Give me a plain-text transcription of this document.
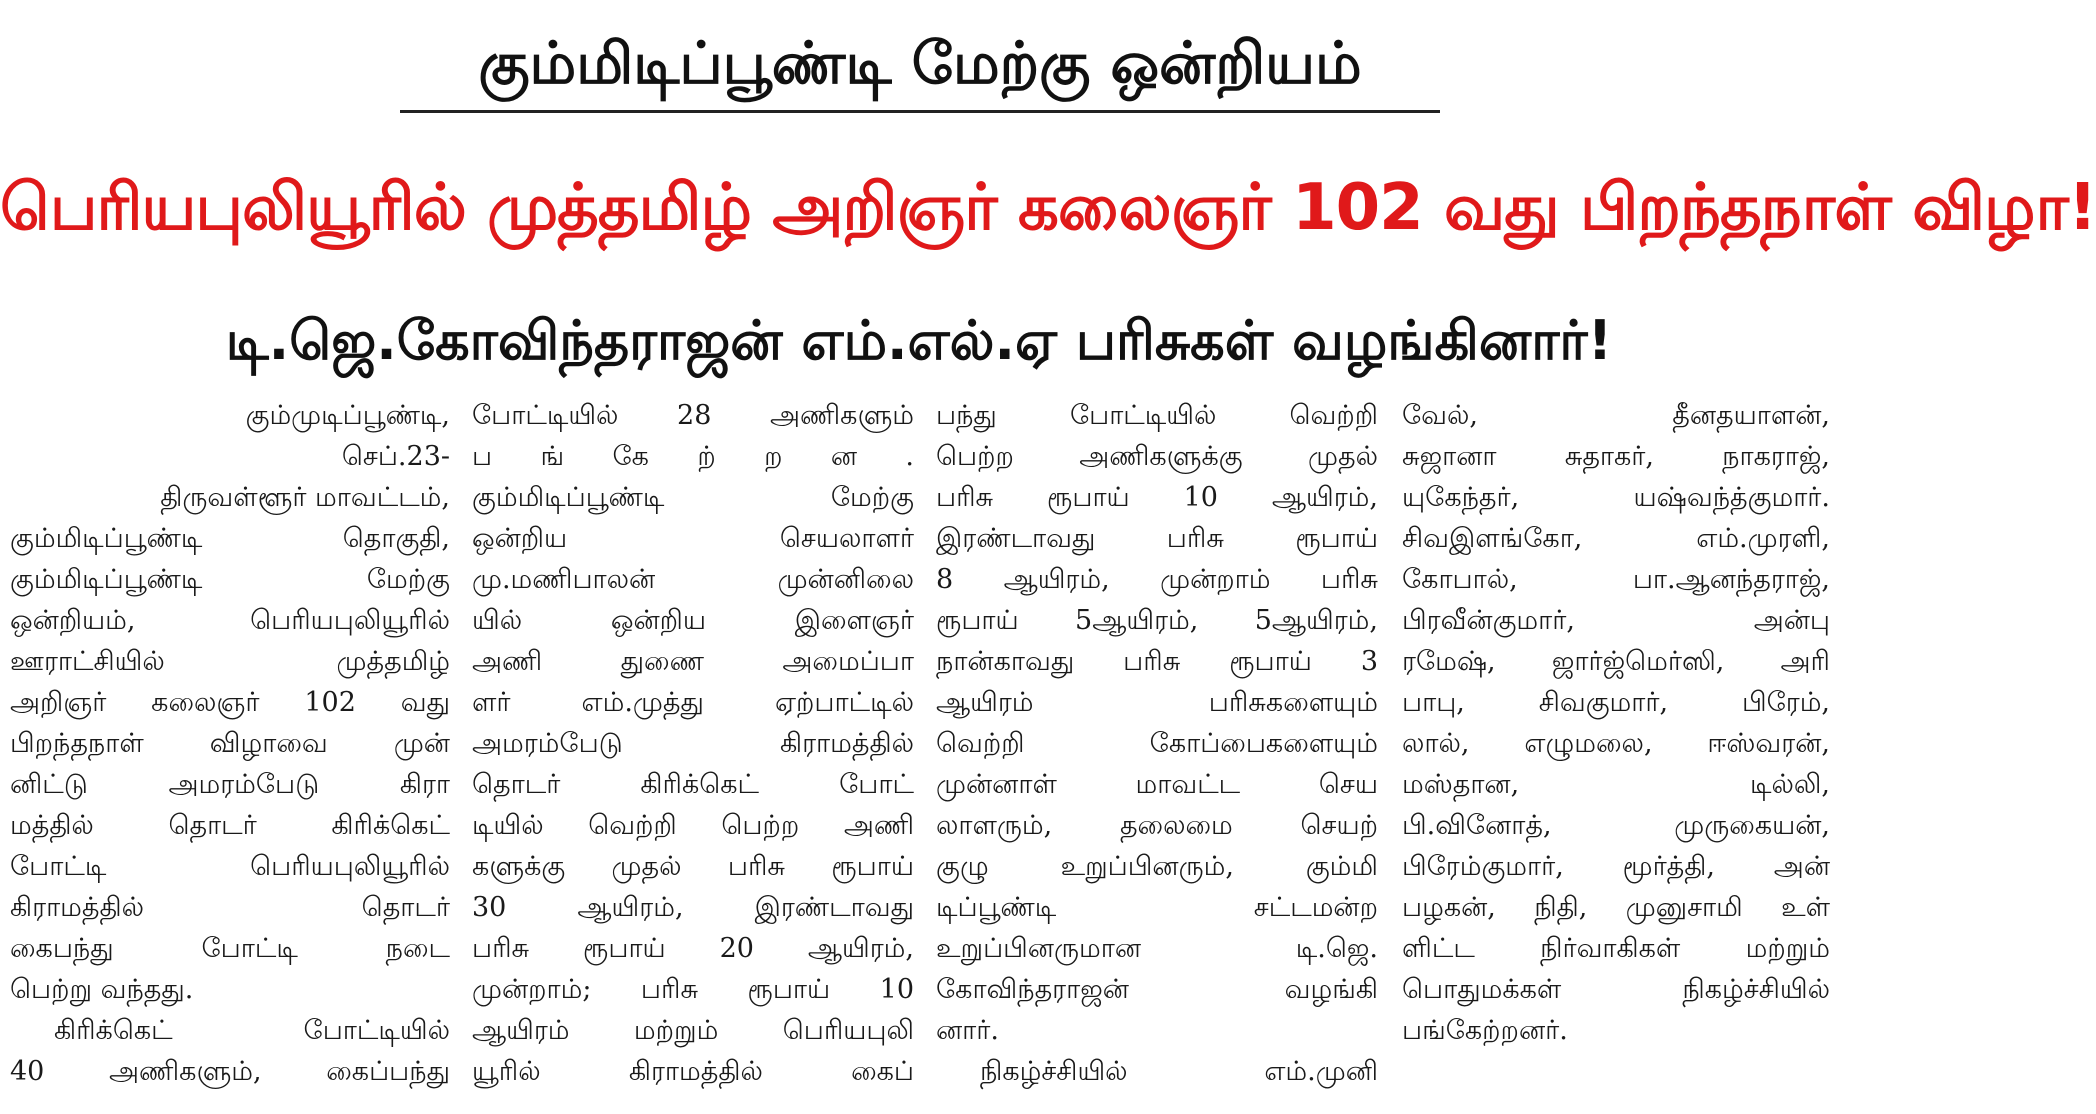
கும்மிடிப்பூண்டி மேற்கு ஒன்றியம்
பெரியபுலியூரில் முத்தமிழ் அறிஞர் கலைஞர் 102 வது பிறந்தநாள் விழா!
டி.ஜெ.கோவிந்தராஜன் எம்.எல்.ஏ பரிசுகள் வழங்கினார்!
கும்முடிப்பூண்டி,
செப்.23-
திருவள்ளூர் மாவட்டம்,
கும்மிடிப்பூண்டி தொகுதி,
கும்மிடிப்பூண்டி மேற்கு
ஒன்றியம், பெரியபுலியூரில்
ஊராட்சியில் முத்தமிழ்
அறிஞர் கலைஞர் 102 வது
பிறந்தநாள் விழாவை முன்
னிட்டு அமரம்பேடு கிரா
மத்தில் தொடர் கிரிக்கெட்
போட்டி பெரியபுலியூரில்
கிராமத்தில் தொடர்
கைபந்து போட்டி நடை
பெற்று வந்தது.
கிரிக்கெட் போட்டியில்
40 அணிகளும், கைப்பந்து
போட்டியில் 28 அணிகளும்
ப ங் கே ற் ற ன .
கும்மிடிப்பூண்டி மேற்கு
ஒன்றிய செயலாளர்
மு.மணிபாலன் முன்னிலை
யில் ஒன்றிய இளைஞர்
அணி துணை அமைப்பா
ளர் எம்.முத்து ஏற்பாட்டில்
அமரம்பேடு கிராமத்தில்
தொடர் கிரிக்கெட் போட்
டியில் வெற்றி பெற்ற அணி
களுக்கு முதல் பரிசு ரூபாய்
30 ஆயிரம், இரண்டாவது
பரிசு ரூபாய் 20 ஆயிரம்,
முன்றாம்; பரிசு ரூபாய் 10
ஆயிரம் மற்றும் பெரியபுலி
யூரில் கிராமத்தில் கைப்
பந்து போட்டியில் வெற்றி
பெற்ற அணிகளுக்கு முதல்
பரிசு ரூபாய் 10 ஆயிரம்,
இரண்டாவது பரிசு ரூபாய்
8 ஆயிரம், முன்றாம் பரிசு
ரூபாய் 5ஆயிரம், 5ஆயிரம்,
நான்காவது பரிசு ரூபாய் 3
ஆயிரம் பரிசுகளையும்
வெற்றி கோப்பைகளையும்
முன்னாள் மாவட்ட செய
லாளரும், தலைமை செயற்
குழு உறுப்பினரும், கும்மி
டிப்பூண்டி சட்டமன்ற
உறுப்பினருமான டி.ஜெ.
கோவிந்தராஜன் வழங்கி
னார்.
நிகழ்ச்சியில் எம்.முனி
வேல், தீனதயாளன்,
சுஜானா சுதாகர், நாகராஜ்,
யுகேந்தர், யஷ்வந்த்குமார்.
சிவஇளங்கோ, எம்.முரளி,
கோபால், பா.ஆனந்தராஜ்,
பிரவீன்குமார், அன்பு
ரமேஷ், ஜார்ஜ்மெர்ஸி, அரி
பாபு, சிவகுமார், பிரேம்,
லால், எழுமலை, ஈஸ்வரன்,
மஸ்தான, டில்லி,
பி.வினோத், முருகையன்,
பிரேம்குமார், மூர்த்தி, அன்
பழகன், நிதி, முனுசாமி உள்
ளிட்ட நிர்வாகிகள் மற்றும்
பொதுமக்கள் நிகழ்ச்சியில்
பங்கேற்றனர்.
